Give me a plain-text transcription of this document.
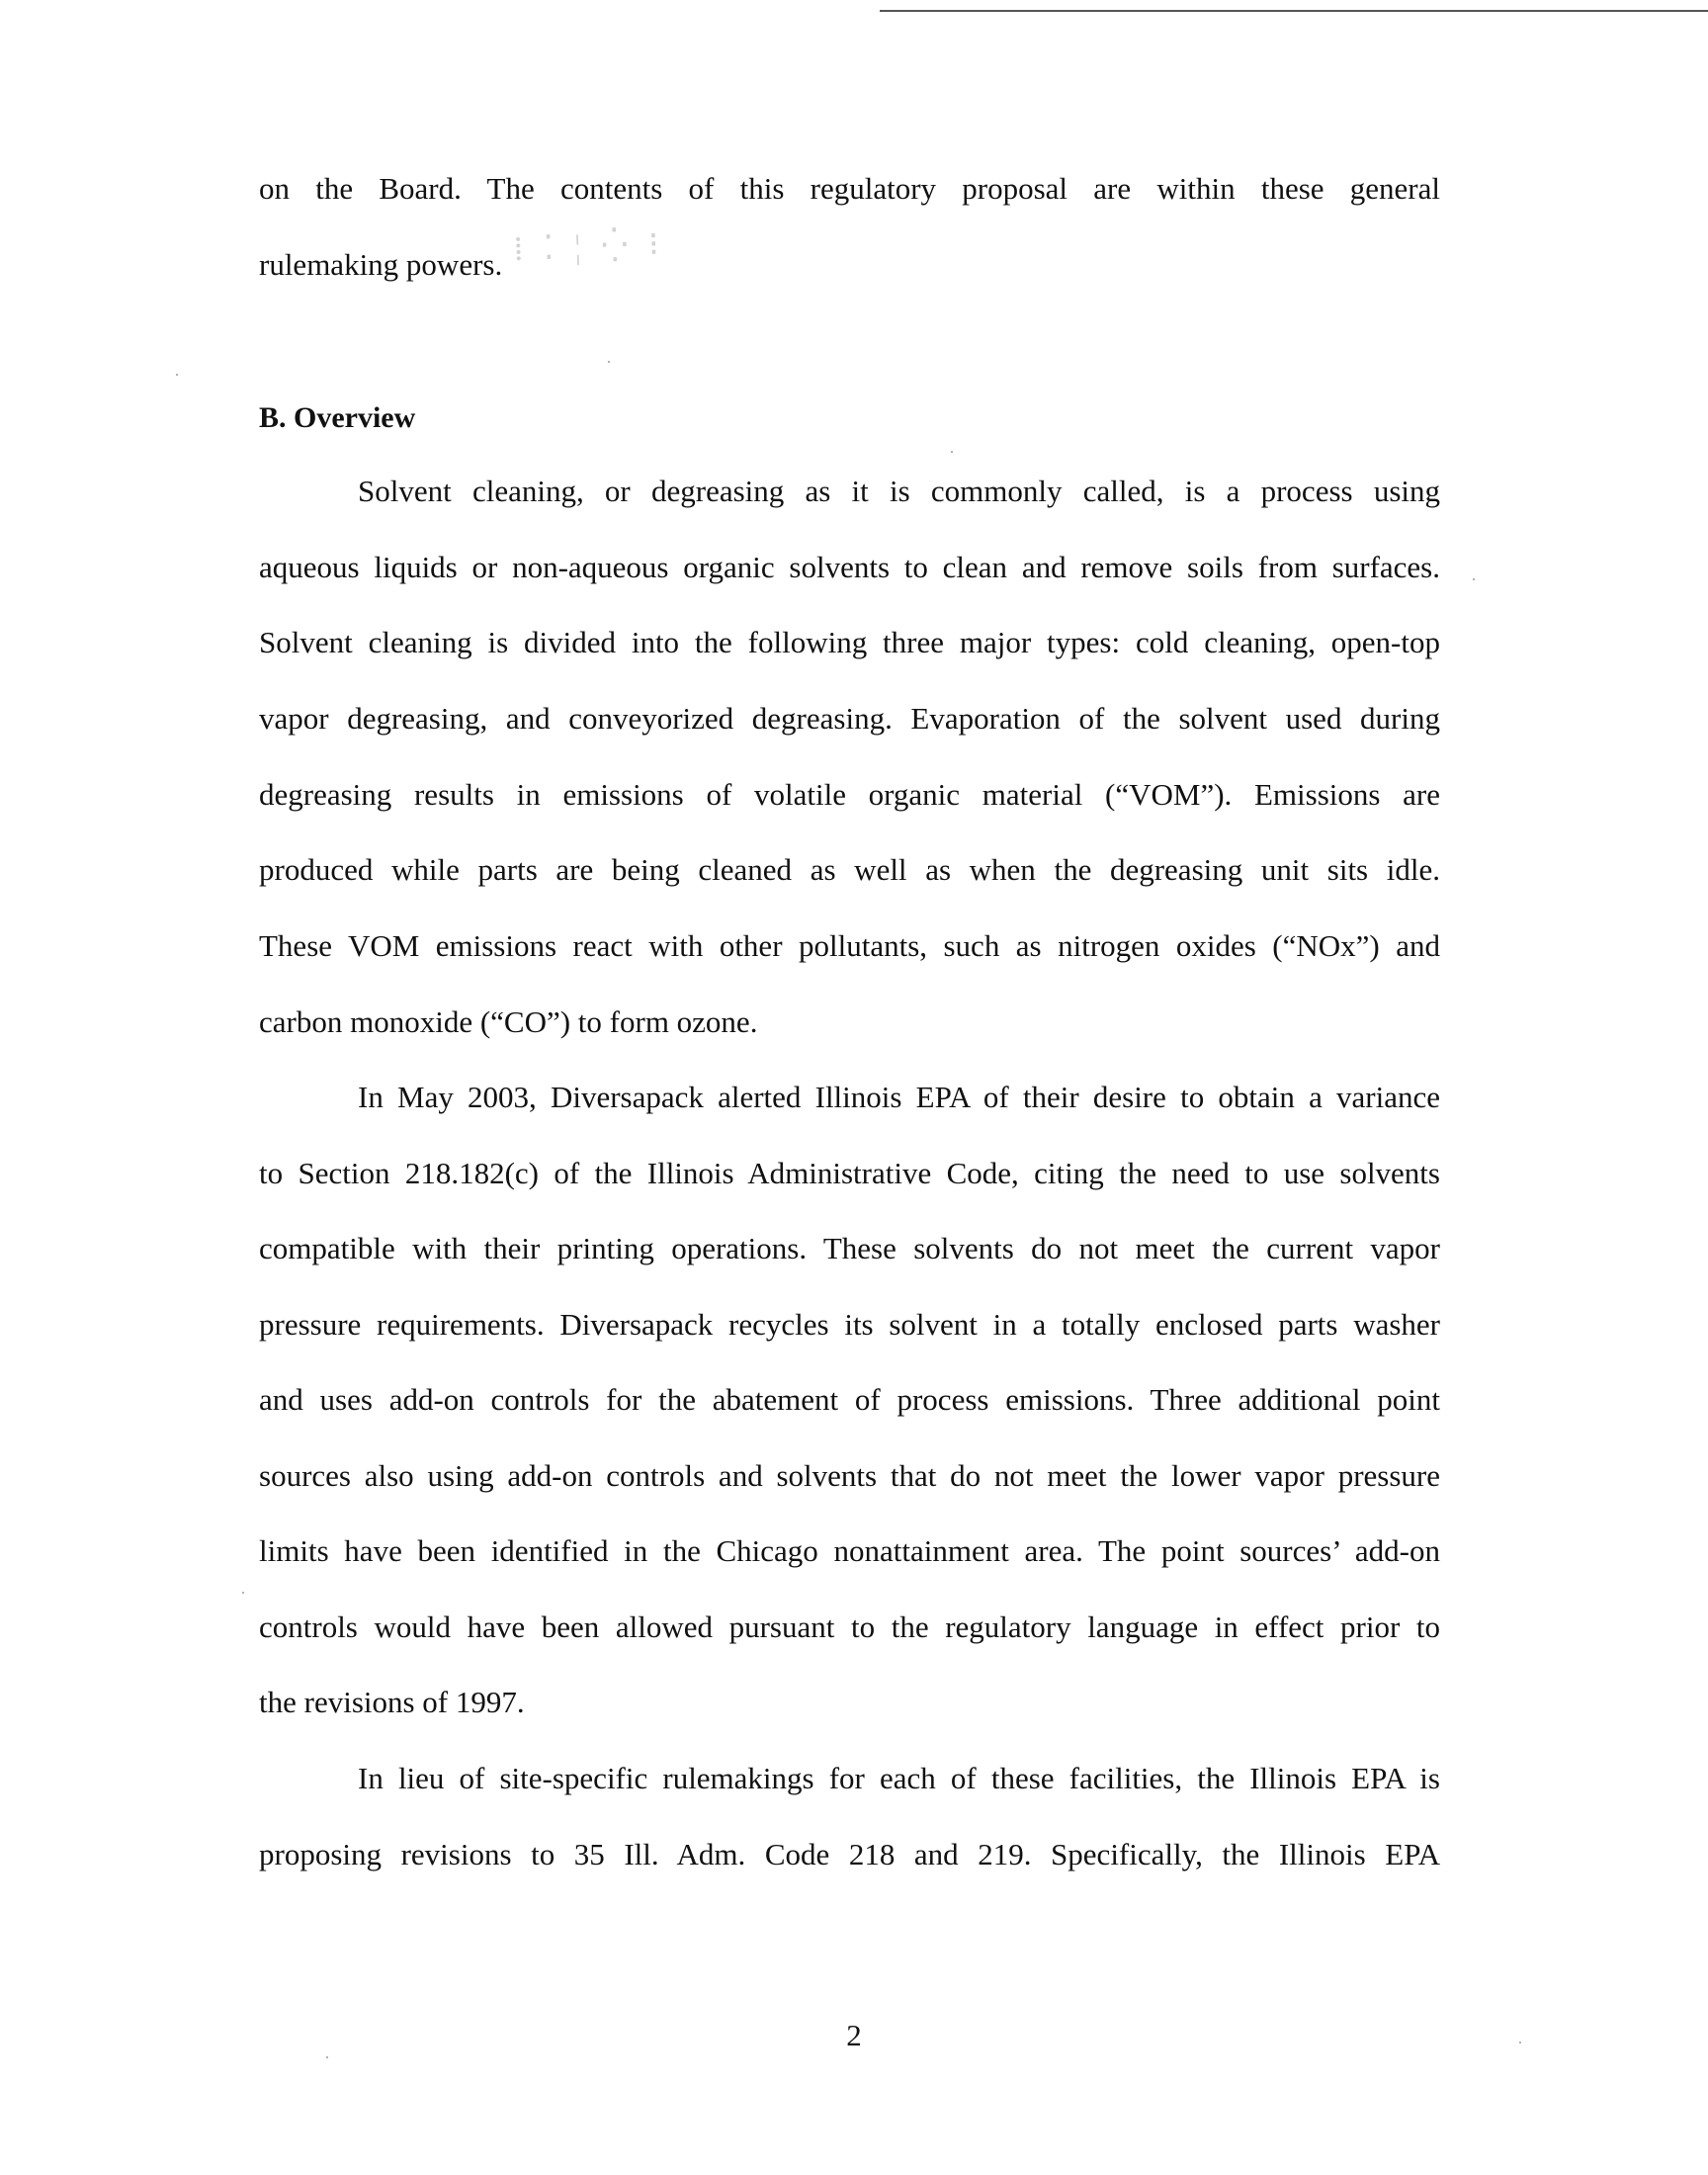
on the Board. The contents of this regulatory proposal are within these general
rulemaking powers. ⁞ ⁚ ¦ ⁛ ⁝
B. Overview
Solvent cleaning, or degreasing as it is commonly called, is a process using
aqueous liquids or non-aqueous organic solvents to clean and remove soils from surfaces.
Solvent cleaning is divided into the following three major types: cold cleaning, open-top
vapor degreasing, and conveyorized degreasing. Evaporation of the solvent used during
degreasing results in emissions of volatile organic material (“VOM”). Emissions are
produced while parts are being cleaned as well as when the degreasing unit sits idle.
These VOM emissions react with other pollutants, such as nitrogen oxides (“NOx”) and
carbon monoxide (“CO”) to form ozone.
In May 2003, Diversapack alerted Illinois EPA of their desire to obtain a variance
to Section 218.182(c) of the Illinois Administrative Code, citing the need to use solvents
compatible with their printing operations. These solvents do not meet the current vapor
pressure requirements. Diversapack recycles its solvent in a totally enclosed parts washer
and uses add-on controls for the abatement of process emissions. Three additional point
sources also using add-on controls and solvents that do not meet the lower vapor pressure
limits have been identified in the Chicago nonattainment area. The point sources’ add-on
controls would have been allowed pursuant to the regulatory language in effect prior to
the revisions of 1997.
In lieu of site-specific rulemakings for each of these facilities, the Illinois EPA is
proposing revisions to 35 Ill. Adm. Code 218 and 219. Specifically, the Illinois EPA
2
